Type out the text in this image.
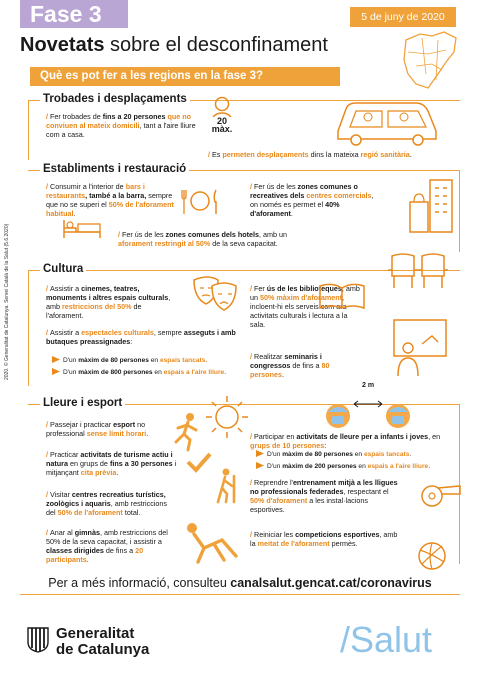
Fase 3	5 de juny de 2020
Novetats sobre el desconfinament
Què es pot fer a les regions en la fase 3?
Trobades i desplaçaments
/ Fer trobades de fins a 20 persones que no conviuen al mateix domicili, tant a l'aire lliure com a casa.
20
màx.
/ Es permeten desplaçaments dins la mateixa regió sanitària.
Establiments i restauració
/ Consumir a l'interior de bars i restaurants, també a la barra, sempre que no se superi el 50% de l'aforament habitual.
/ Fer ús de les zones comunes o recreatives dels centres comercials, on només es permet el 40% d'aforament.
/ Fer ús de les zones comunes dels hotels, amb un aforament restringit al 50% de la seva capacitat.
Cultura
/ Assistir a cinemes, teatres, monuments i altres espais culturals, amb restriccions del 50% de l'aforament.
/ Assistir a espectacles culturals, sempre asseguts i amb butaques preassignades:
D'un màxim de 80 persones en espais tancats.
D'un màxim de 800 persones en espais a l'aire lliure.
/ Fer ús de les biblioteques, amb un 50% màxim d'aforament, incloent-hi els serveis com ara activitats culturals i lectura a la sala.
/ Realitzar seminaris i congressos de fins a 80 persones.
Lleure i esport
/ Passejar i practicar esport no professional sense límit horari.
/ Practicar activitats de turisme actiu i natura en grups de fins a 30 persones i mitjançant cita prèvia.
/ Visitar centres recreatius turístics, zoològics i aquaris, amb restriccions del 50% de l'aforament total.
/ Anar al gimnàs, amb restriccions del 50% de la seva capacitat, i assistir a classes dirigides de fins a 20 participants.
2 m
/ Participar en activitats de lleure per a infants i joves, en grups de 10 persones:
D'un màxim de 80 persones en espais tancats.
D'un màxim de 200 persones en espais a l'aire lliure.
/ Reprendre l'entrenament mitjà a les lligues no professionals federades, respectant el 50% d'aforament a les instal·lacions esportives.
/ Reiniciar les competicions esportives, amb la meitat de l'aforament permès.
Per a més informació, consulteu canalsalut.gencat.cat/coronavirus
Generalitat
de Catalunya	/Salut
2020. © Generalitat de Catalunya. Servei Català de la Salut (5.6.2020)
